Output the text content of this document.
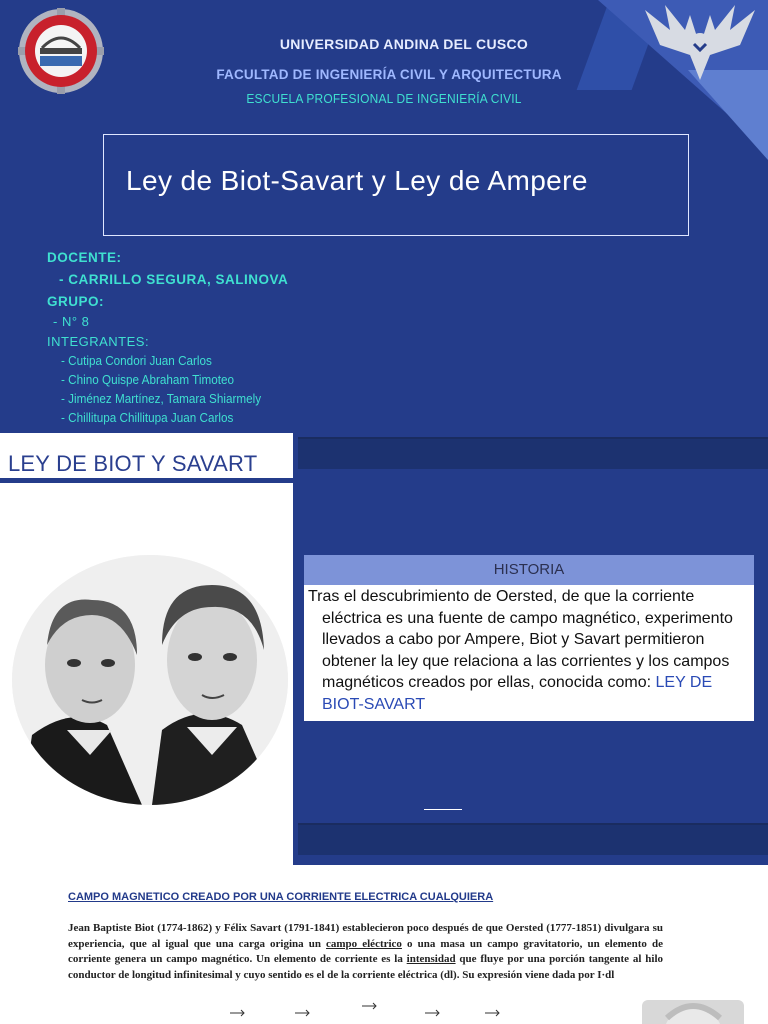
UNIVERSIDAD ANDINA DEL CUSCO
FACULTAD DE INGENIERÍA CIVIL Y ARQUITECTURA
ESCUELA PROFESIONAL DE INGENIERÍA CIVIL
Ley de Biot-Savart y Ley de Ampere
DOCENTE:
- CARRILLO SEGURA, SALINOVA
GRUPO:
- N° 8
INTEGRANTES:
- Cutipa Condori Juan Carlos
- Chino Quispe Abraham Timoteo
- Jiménez Martínez, Tamara Shiarmely
- Chillitupa Chillitupa Juan Carlos
LEY DE BIOT Y SAVART
HISTORIA
Tras el descubrimiento de Oersted, de que la corriente
eléctrica es una fuente de campo magnético, experimento llevados a cabo por Ampere, Biot y Savart permitieron obtener la ley que relaciona a las corrientes y los campos magnéticos creados por ellas, conocida como: LEY DE BIOT-SAVART
CAMPO MAGNETICO CREADO POR UNA CORRIENTE ELECTRICA CUALQUIERA
Jean Baptiste Biot (1774-1862) y Félix Savart (1791-1841) establecieron poco después de que Oersted (1777-1851) divulgara su experiencia, que al igual que una carga origina un campo eléctrico o una masa un campo gravitatorio, un elemento de corriente genera un campo magnético. Un elemento de corriente es la intensidad que fluye por una porción tangente al hilo conductor de longitud infinitesimal y cuyo sentido es el de la corriente eléctrica (dl). Su expresión viene dada por I·dl
